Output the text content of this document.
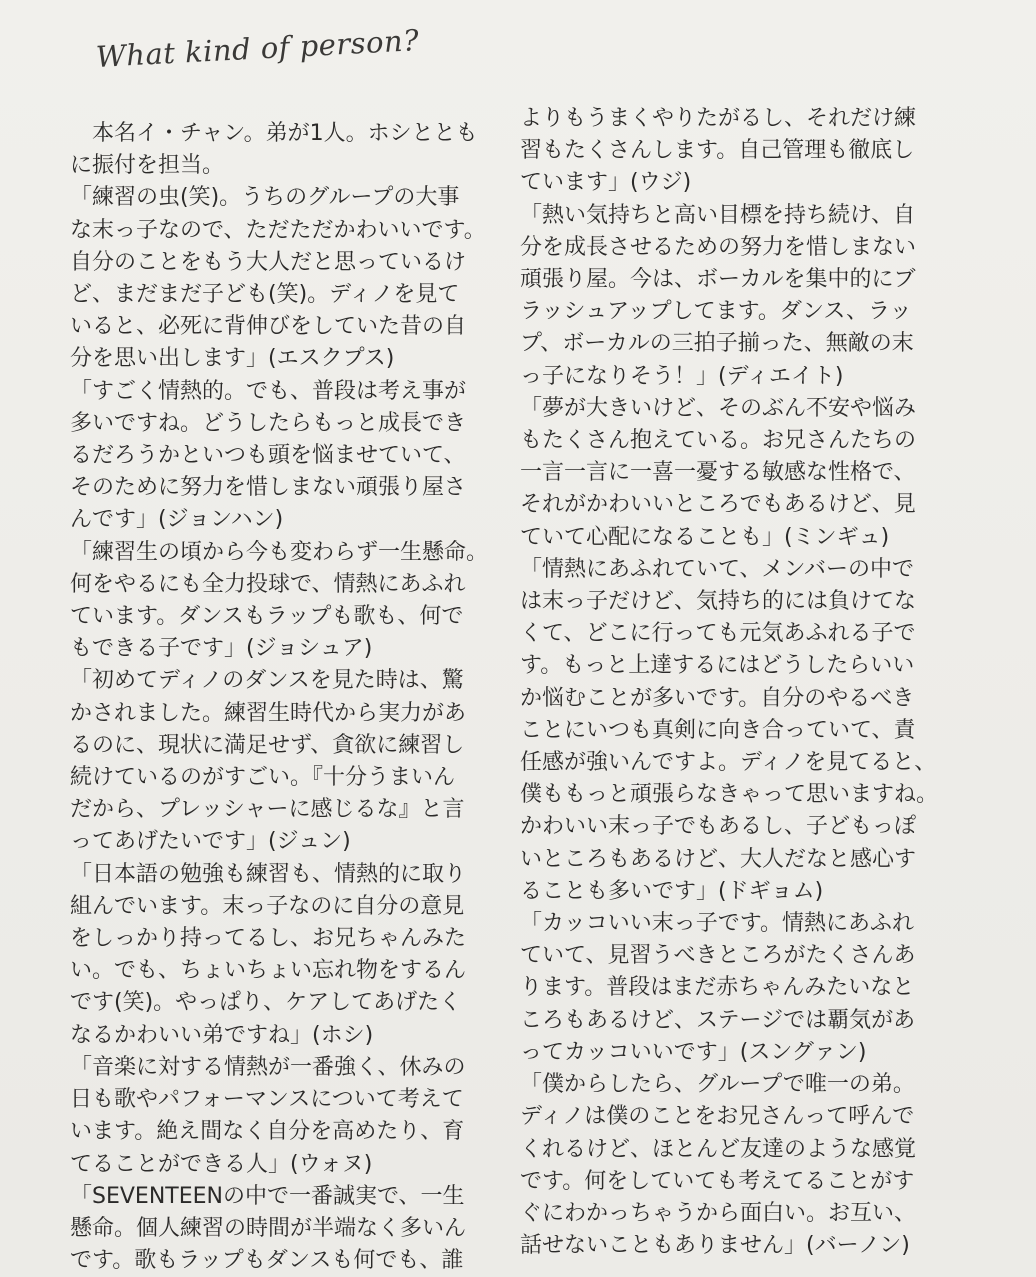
What kind of person?

　本名イ・チャン。弟が1人。ホシととも
に振付を担当。

「練習の虫(笑)。うちのグループの大事
な末っ子なので、ただただかわいいです。
自分のことをもう大人だと思っているけ
ど、まだまだ子ども(笑)。ディノを見て
いると、必死に背伸びをしていた昔の自
分を思い出します」(エスクプス)

「すごく情熱的。でも、普段は考え事が
多いですね。どうしたらもっと成長でき
るだろうかといつも頭を悩ませていて、
そのために努力を惜しまない頑張り屋さ
んです」(ジョンハン)

「練習生の頃から今も変わらず一生懸命。
何をやるにも全力投球で、情熱にあふれ
ています。ダンスもラップも歌も、何で
もできる子です」(ジョシュア)

「初めてディノのダンスを見た時は、驚
かされました。練習生時代から実力があ
るのに、現状に満足せず、貪欲に練習し
続けているのがすごい。『十分うまいん
だから、プレッシャーに感じるな』と言
ってあげたいです」(ジュン)

「日本語の勉強も練習も、情熱的に取り
組んでいます。末っ子なのに自分の意見
をしっかり持ってるし、お兄ちゃんみた
い。でも、ちょいちょい忘れ物をするん
です(笑)。やっぱり、ケアしてあげたく
なるかわいい弟ですね」(ホシ)

「音楽に対する情熱が一番強く、休みの
日も歌やパフォーマンスについて考えて
います。絶え間なく自分を高めたり、育
てることができる人」(ウォヌ)

「SEVENTEENの中で一番誠実で、一生
懸命。個人練習の時間が半端なく多いん
です。歌もラップもダンスも何でも、誰

よりもうまくやりたがるし、それだけ練
習もたくさんします。自己管理も徹底し
ています」(ウジ)

「熱い気持ちと高い目標を持ち続け、自
分を成長させるための努力を惜しまない
頑張り屋。今は、ボーカルを集中的にブ
ラッシュアップしてます。ダンス、ラッ
プ、ボーカルの三拍子揃った、無敵の末
っ子になりそう！」(ディエイト)

「夢が大きいけど、そのぶん不安や悩み
もたくさん抱えている。お兄さんたちの
一言一言に一喜一憂する敏感な性格で、
それがかわいいところでもあるけど、見
ていて心配になることも」(ミンギュ)

「情熱にあふれていて、メンバーの中で
は末っ子だけど、気持ち的には負けてな
くて、どこに行っても元気あふれる子で
す。もっと上達するにはどうしたらいい
か悩むことが多いです。自分のやるべき
ことにいつも真剣に向き合っていて、責
任感が強いんですよ。ディノを見てると、
僕ももっと頑張らなきゃって思いますね。
かわいい末っ子でもあるし、子どもっぽ
いところもあるけど、大人だなと感心す
ることも多いです」(ドギョム)

「カッコいい末っ子です。情熱にあふれ
ていて、見習うべきところがたくさんあ
ります。普段はまだ赤ちゃんみたいなと
ころもあるけど、ステージでは覇気があ
ってカッコいいです」(スングァン)

「僕からしたら、グループで唯一の弟。
ディノは僕のことをお兄さんって呼んで
くれるけど、ほとんど友達のような感覚
です。何をしていても考えてることがす
ぐにわかっちゃうから面白い。お互い、
話せないこともありません」(バーノン)
